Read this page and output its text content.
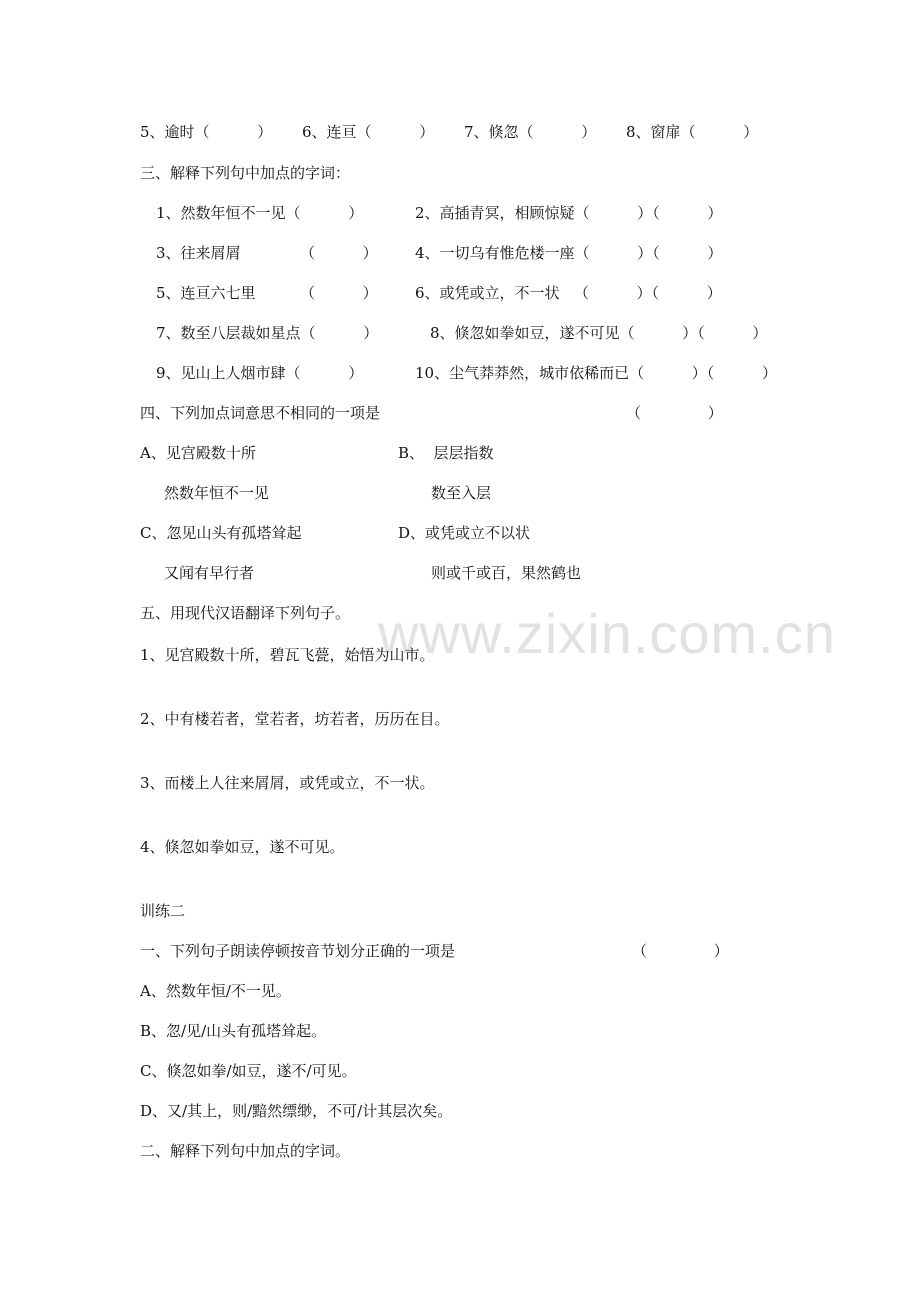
www.zixin.com.cn
5、逾时（          ） 6、连亘（          ） 7、倏忽（          ） 8、窗扉（          ）
三、解释下列句中加点的字词：
1、然数年恒不一见（          ）	2、高插青冥，相顾惊疑（          ）（          ）
3、往来屑屑	（          ） 4、一切乌有惟危楼一座（          ）（          ）
5、连亘六七里	（          ） 6、或凭或立，不一状   （          ）（          ）
7、数至八层裁如星点（          ）	8、倏忽如拳如豆，遂不可见（          ）（          ）
9、见山上人烟市肆（          ）	10、尘气莽莽然，城市依稀而已（          ）（          ）
四、下列加点词意思不相同的一项是	（              ）
A、见宫殿数十所	B、  层层指数
然数年恒不一见	数至入层
C、忽见山头有孤塔耸起	D、或凭或立不以状
又闻有早行者	则或千或百，果然鹤也
五、用现代汉语翻译下列句子。
1、见宫殿数十所，碧瓦飞甍，始悟为山市。
2、中有楼若者，堂若者，坊若者，历历在目。
3、而楼上人往来屑屑，或凭或立，不一状。
4、倏忽如拳如豆，遂不可见。
训练二
一、下列句子朗读停顿按音节划分正确的一项是	（              ）
A、然数年恒/不一见。
B、忽/见/山头有孤塔耸起。
C、倏忽如拳/如豆，遂不/可见。
D、又/其上，则/黯然缥缈，不可/计其层次矣。
二、解释下列句中加点的字词。
